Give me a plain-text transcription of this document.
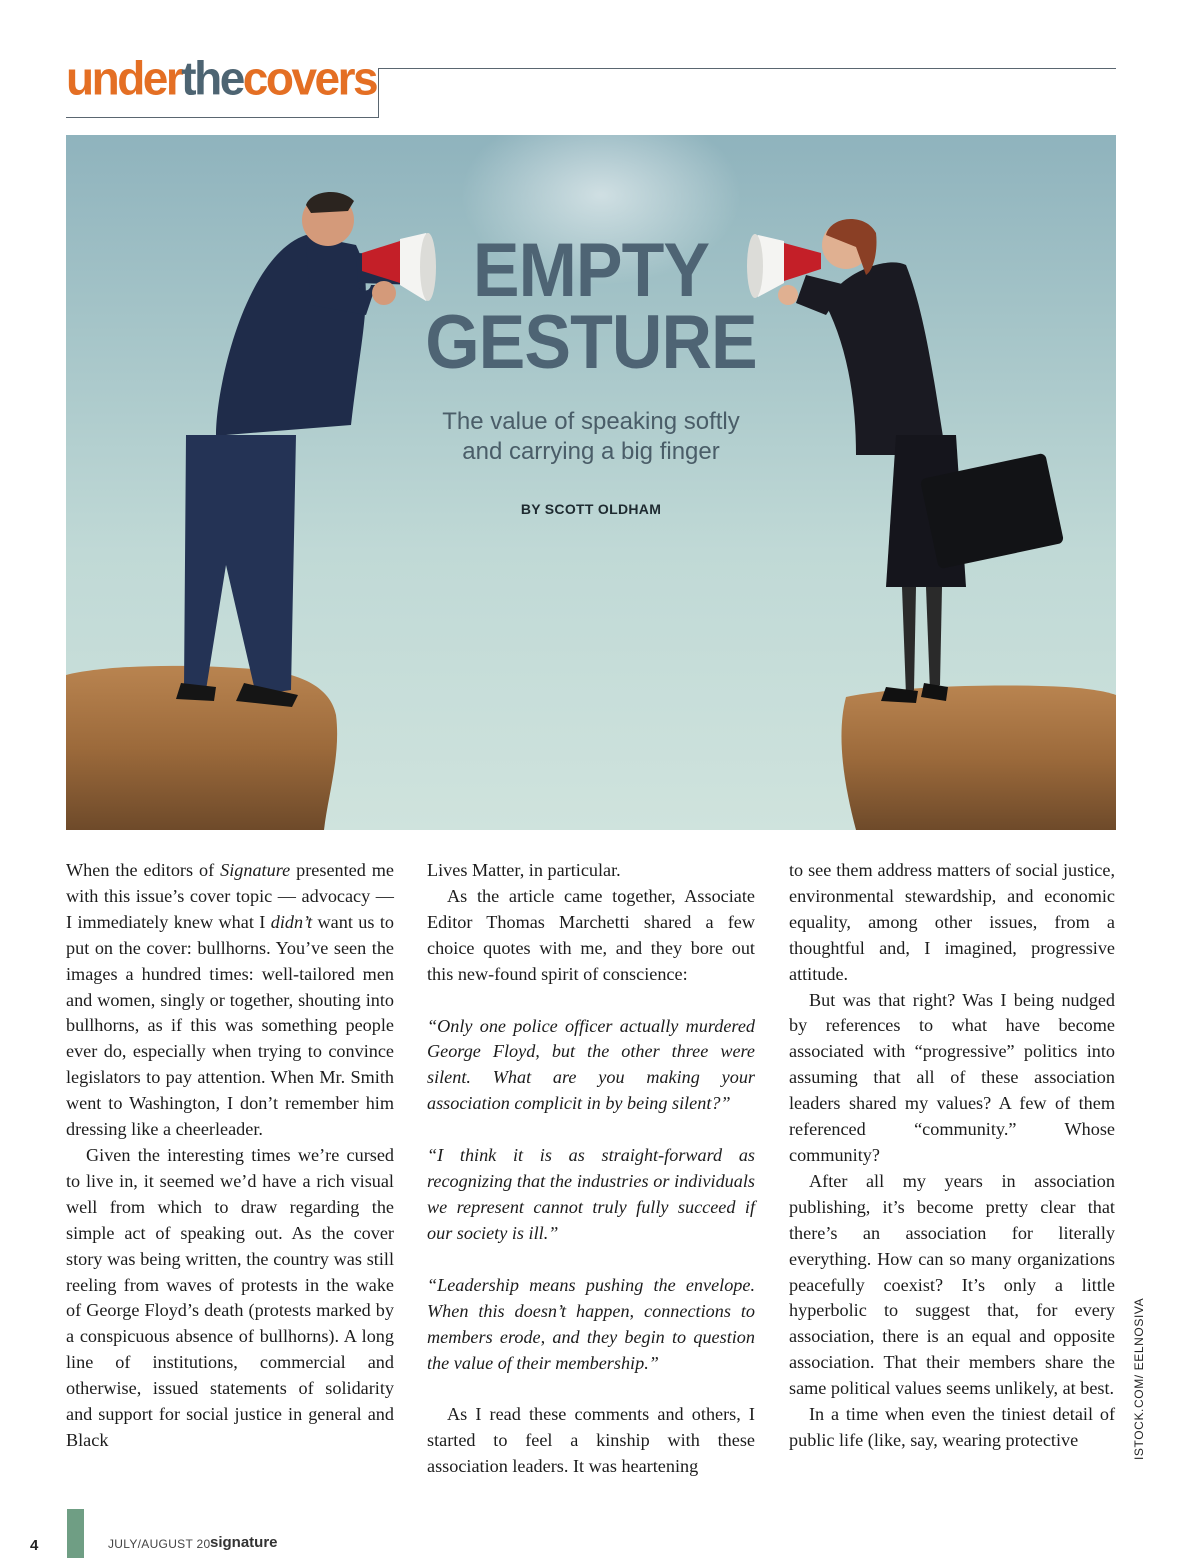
underthecovers
EMPTY
GESTURE
The value of speaking softly
and carrying a big finger
BY SCOTT OLDHAM

When the editors of Signature presented me with this issue’s cover topic — advocacy — I immediately knew what I didn’t want us to put on the cover: bullhorns. You’ve seen the images a hundred times: well-tailored men and women, singly or together, shouting into bullhorns, as if this was something people ever do, especially when trying to convince legislators to pay attention. When Mr. Smith went to Washington, I don’t remember him dressing like a cheerleader.

Given the interesting times we’re cursed to live in, it seemed we’d have a rich visual well from which to draw regarding the simple act of speaking out. As the cover story was being written, the country was still reeling from waves of protests in the wake of George Floyd’s death (protests marked by a conspicuous absence of bullhorns). A long line of institutions, commercial and otherwise, issued statements of solidarity and support for social justice in general and Black

Lives Matter, in particular.

As the article came together, Associate Editor Thomas Marchetti shared a few choice quotes with me, and they bore out this new-found spirit of conscience:

“Only one police officer actually murdered George Floyd, but the other three were silent. What are you making your association complicit in by being silent?”

“I think it is as straight-forward as recognizing that the industries or individuals we represent cannot truly fully succeed if our society is ill.”

“Leadership means pushing the envelope. When this doesn’t happen, connections to members erode, and they begin to question the value of their membership.”

As I read these comments and others, I started to feel a kinship with these association leaders. It was heartening

to see them address matters of social justice, environmental stewardship, and economic equality, among other issues, from a thoughtful and, I imagined, progressive attitude.

But was that right? Was I being nudged by references to what have become associated with “progressive” politics into assuming that all of these association leaders shared my values? A few of them referenced “community.” Whose community?

After all my years in association publishing, it’s become pretty clear that there’s an association for literally everything. How can so many organizations peacefully coexist? It’s only a little hyperbolic to suggest that, for every association, there is an equal and opposite association. That their members share the same political values seems unlikely, at best.

In a time when even the tiniest detail of public life (like, say, wearing protective	ISTOCK.COM/ EELNOSIVA
4	JULY/AUGUST 20 signature
